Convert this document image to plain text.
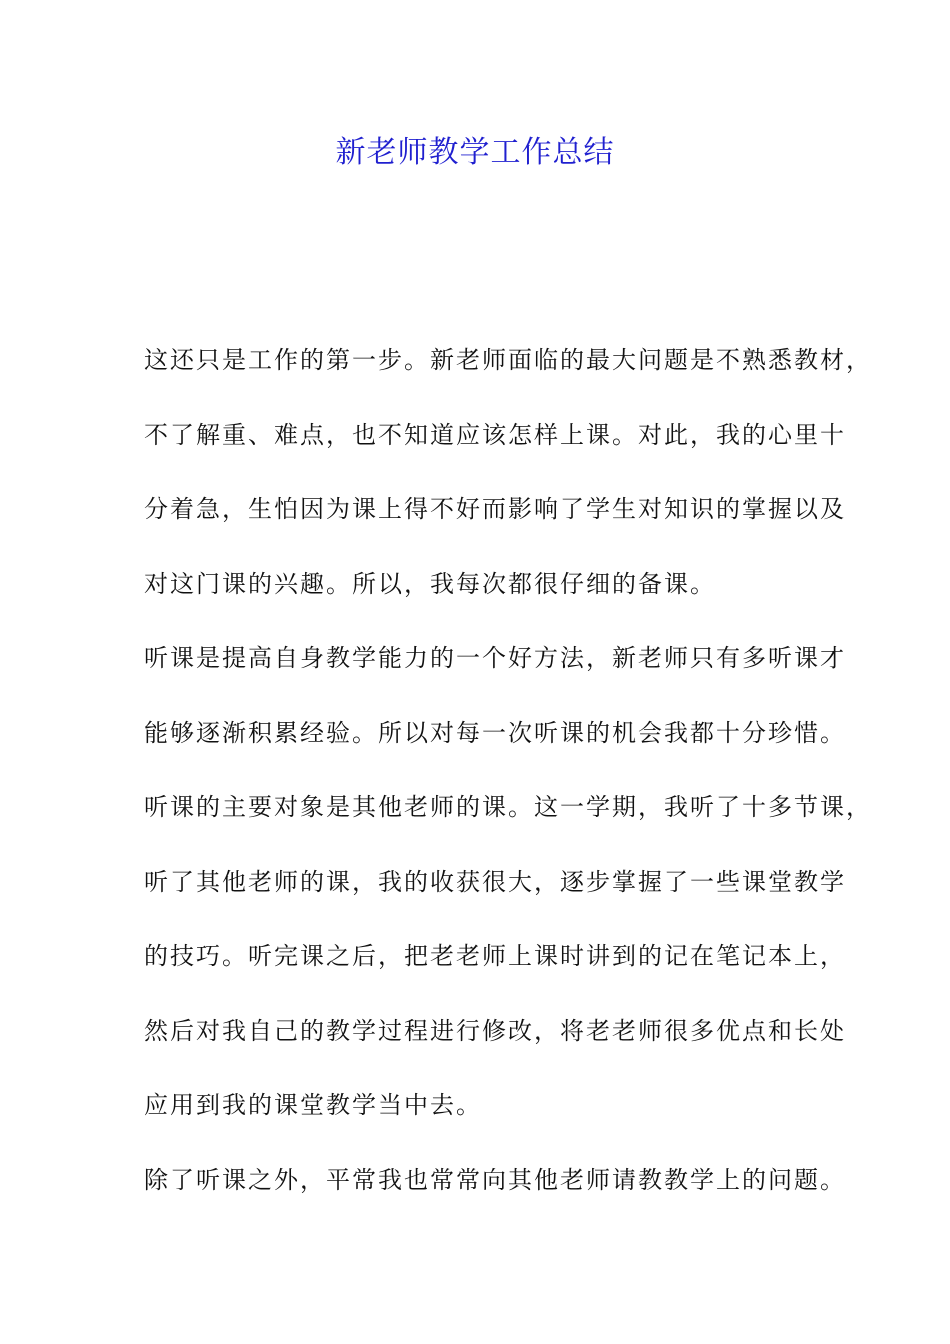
新老师教学工作总结

这还只是工作的第一步。新老师面临的最大问题是不熟悉教材，

不了解重、难点，也不知道应该怎样上课。对此，我的心里十

分着急，生怕因为课上得不好而影响了学生对知识的掌握以及

对这门课的兴趣。所以，我每次都很仔细的备课。

听课是提高自身教学能力的一个好方法，新老师只有多听课才

能够逐渐积累经验。所以对每一次听课的机会我都十分珍惜。

听课的主要对象是其他老师的课。这一学期，我听了十多节课，

听了其他老师的课，我的收获很大，逐步掌握了一些课堂教学

的技巧。听完课之后，把老老师上课时讲到的记在笔记本上，

然后对我自己的教学过程进行修改，将老老师很多优点和长处

应用到我的课堂教学当中去。

除了听课之外，平常我也常常向其他老师请教教学上的问题。
